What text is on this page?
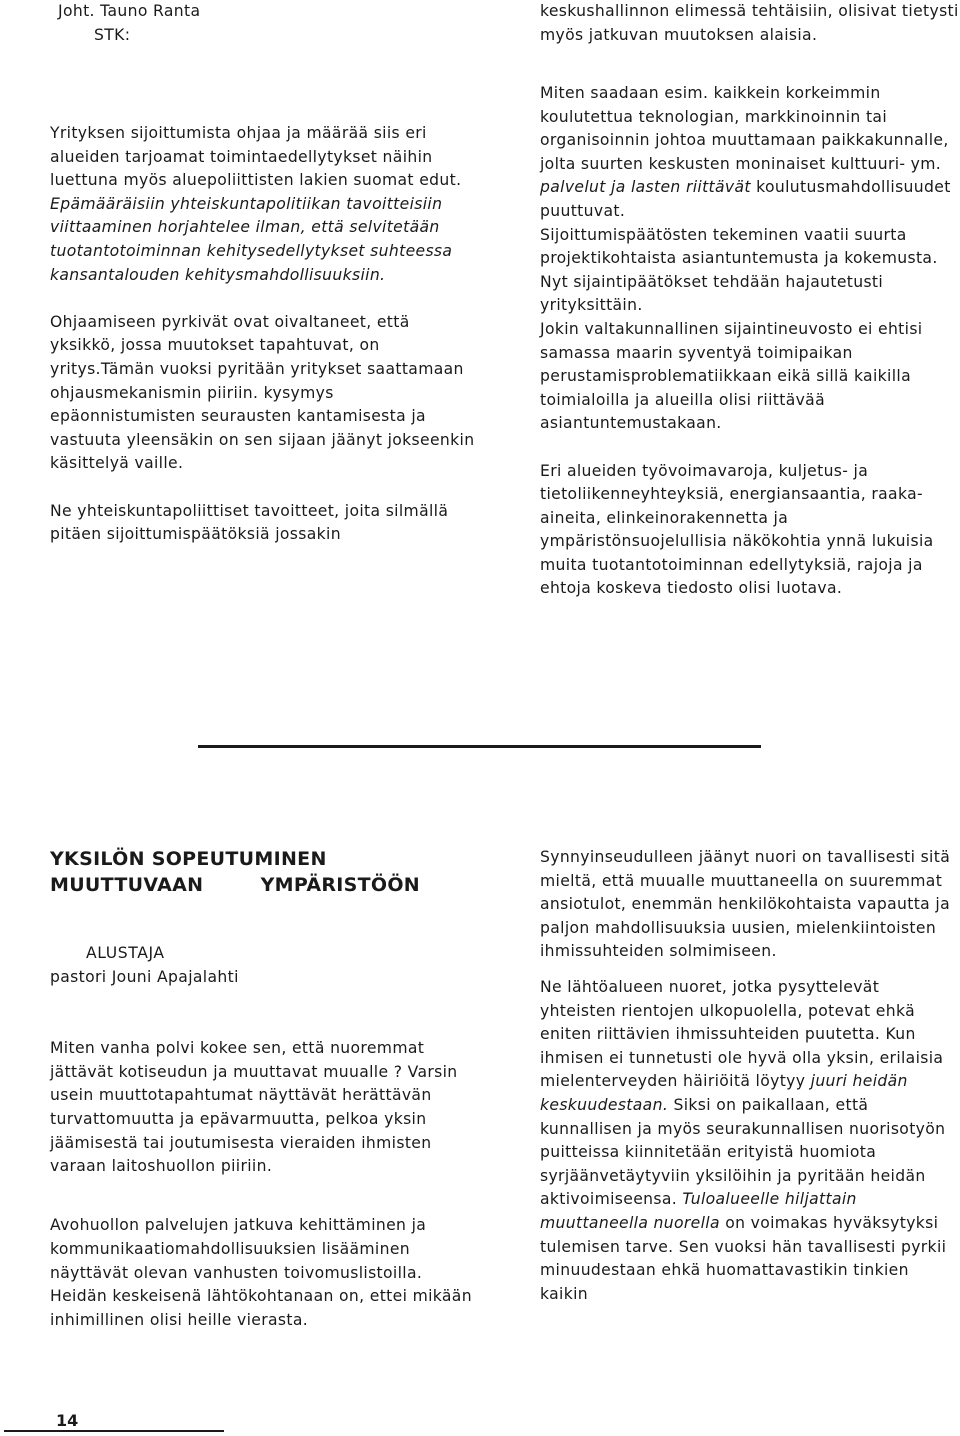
Joht. Tauno Ranta

STK:

Yrityksen sijoittumista ohjaa ja määrää siis eri alueiden tarjoamat toimintaedellytykset näihin luettuna myös aluepoliittisten lakien suomat edut. Epämääräisiin yhteiskuntapolitiikan tavoitteisiin viittaaminen horjahtelee ilman, että selvitetään tuotantotoiminnan kehitysedellytykset suhteessa kansantalouden kehitysmahdollisuuksiin.

Ohjaamiseen pyrkivät ovat oivaltaneet, että yksikkö, jossa muutokset tapahtuvat, on yritys.Tämän vuoksi pyritään yritykset saattamaan ohjausmekanismin piiriin. kysymys epäonnistumisten seurausten kantamisesta ja vastuuta yleensäkin on sen sijaan jäänyt jokseenkin käsittelyä vaille.

Ne yhteiskuntapoliittiset tavoitteet, joita silmällä pitäen sijoittumispäätöksiä jossakin

keskushallinnon elimessä tehtäisiin, olisivat tietysti myös jatkuvan muutoksen alaisia.

Miten saadaan esim. kaikkein korkeimmin koulutettua teknologian, markkinoinnin tai organisoinnin johtoa muuttamaan paikkakunnalle, jolta suurten keskusten moninaiset kulttuuri- ym. palvelut ja lasten riittävät koulutusmahdollisuudet puuttuvat.

Sijoittumispäätösten tekeminen vaatii suurta projektikohtaista asiantuntemusta ja kokemusta. Nyt sijaintipäätökset tehdään hajautetusti yrityksittäin.

Jokin valtakunnallinen sijaintineuvosto ei ehtisi samassa maarin syventyä toimipaikan perustamisproblematiikkaan eikä sillä kaikilla toimialoilla ja alueilla olisi riittävää asiantuntemustakaan.

Eri alueiden työvoimavaroja, kuljetus- ja tietoliikenneyhteyksiä, energiansaantia, raaka-aineita, elinkeinorakennetta ja ympäristönsuojelullisia näkökohtia ynnä lukuisia muita tuotantotoiminnan edellytyksiä, rajoja ja ehtoja koskeva tiedosto olisi luotava.

YKSILÖN SOPEUTUMINEN

MUUTTUVAAN	YMPÄRISTÖÖN

ALUSTAJA

pastori Jouni Apajalahti

Miten vanha polvi kokee sen, että nuoremmat jättävät kotiseudun ja muuttavat muualle ? Varsin usein muuttotapahtumat näyttävät herättävän turvattomuutta ja epävarmuutta, pelkoa yksin jäämisestä tai joutumisesta vieraiden ihmisten varaan laitoshuollon piiriin.

Avohuollon palvelujen jatkuva kehittäminen ja kommunikaatiomahdollisuuksien lisääminen näyttävät olevan vanhusten toivomuslistoilla. Heidän keskeisenä lähtökohtanaan on, ettei mikään inhimillinen olisi heille vierasta.

Synnyinseudulleen jäänyt nuori on tavallisesti sitä mieltä, että muualle muuttaneella on suuremmat ansiotulot, enemmän henkilökohtaista vapautta ja paljon mahdollisuuksia uusien, mielenkiintoisten ihmissuhteiden solmimiseen.

Ne lähtöalueen nuoret, jotka pysyttelevät yhteisten rientojen ulkopuolella, potevat ehkä eniten riittävien ihmissuhteiden puutetta. Kun ihmisen ei tunnetusti ole hyvä olla yksin, erilaisia mielenterveyden häiriöitä löytyy juuri heidän keskuudestaan. Siksi on paikallaan, että kunnallisen ja myös seurakunnallisen nuorisotyön puitteissa kiinnitetään erityistä huomiota syrjäänvetäytyviin yksilöihin ja pyritään heidän aktivoimiseensa. Tuloalueelle hiljattain muuttaneella nuorella on voimakas hyväksytyksi tulemisen tarve. Sen vuoksi hän tavallisesti pyrkii minuudestaan ehkä huomattavastikin tinkien kaikin

14
